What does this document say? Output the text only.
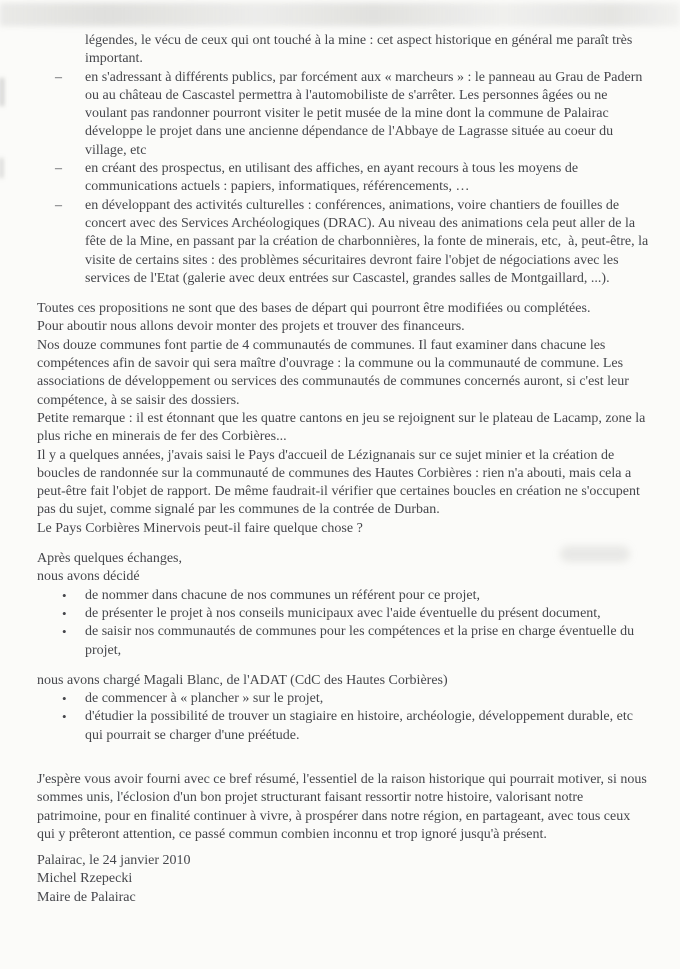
légendes, le vécu de ceux qui ont touché à la mine : cet aspect historique en général me paraît très important.

–	en s'adressant à différents publics, par forcément aux « marcheurs » : le panneau au Grau de Padern ou au château de Cascastel permettra à l'automobiliste de s'arrêter. Les personnes âgées ou ne voulant pas randonner pourront visiter le petit musée de la mine dont la commune de Palairac développe le projet dans une ancienne dépendance de l'Abbaye de Lagrasse située au coeur du village, etc

–	en créant des prospectus, en utilisant des affiches, en ayant recours à tous les moyens de communications actuels : papiers, informatiques, référencements, …

–	en développant des activités culturelles : conférences, animations, voire chantiers de fouilles de concert avec des Services Archéologiques (DRAC). Au niveau des animations cela peut aller de la fête de la Mine, en passant par la création de charbonnières, la fonte de minerais, etc,  à, peut-être, la visite de certains sites : des problèmes sécuritaires devront faire l'objet de négociations avec les services de l'Etat (galerie avec deux entrées sur Cascastel, grandes salles de Montgaillard, ...).

Toutes ces propositions ne sont que des bases de départ qui pourront être modifiées ou complétées.

Pour aboutir nous allons devoir monter des projets et trouver des financeurs.

Nos douze communes font partie de 4 communautés de communes. Il faut examiner dans chacune les compétences afin de savoir qui sera maître d'ouvrage : la commune ou la communauté de commune. Les associations de développement ou services des communautés de communes concernés auront, si c'est leur compétence, à se saisir des dossiers.

Petite remarque : il est étonnant que les quatre cantons en jeu se rejoignent sur le plateau de Lacamp, zone la plus riche en minerais de fer des Corbières...

Il y a quelques années, j'avais saisi le Pays d'accueil de Lézignanais sur ce sujet minier et la création de boucles de randonnée sur la communauté de communes des Hautes Corbières : rien n'a abouti, mais cela a peut-être fait l'objet de rapport. De même faudrait-il vérifier que certaines boucles en création ne s'occupent pas du sujet, comme signalé par les communes de la contrée de Durban.

Le Pays Corbières Minervois peut-il faire quelque chose ?

Après quelques échanges,

nous avons décidé

•	de nommer dans chacune de nos communes un référent pour ce projet,

•	de présenter le projet à nos conseils municipaux avec l'aide éventuelle du présent document,

•	de saisir nos communautés de communes pour les compétences et la prise en charge éventuelle du projet,

nous avons chargé Magali Blanc, de l'ADAT (CdC des Hautes Corbières)

•	de commencer à « plancher » sur le projet,

•	d'étudier la possibilité de trouver un stagiaire en histoire, archéologie, développement durable, etc qui pourrait se charger d'une préétude.

J'espère vous avoir fourni avec ce bref résumé, l'essentiel de la raison historique qui pourrait motiver, si nous sommes unis, l'éclosion d'un bon projet structurant faisant ressortir notre histoire, valorisant notre patrimoine, pour en finalité continuer à vivre, à prospérer dans notre région, en partageant, avec tous ceux qui y prêteront attention, ce passé commun combien inconnu et trop ignoré jusqu'à présent.

Palairac, le 24 janvier 2010

Michel Rzepecki

Maire de Palairac
